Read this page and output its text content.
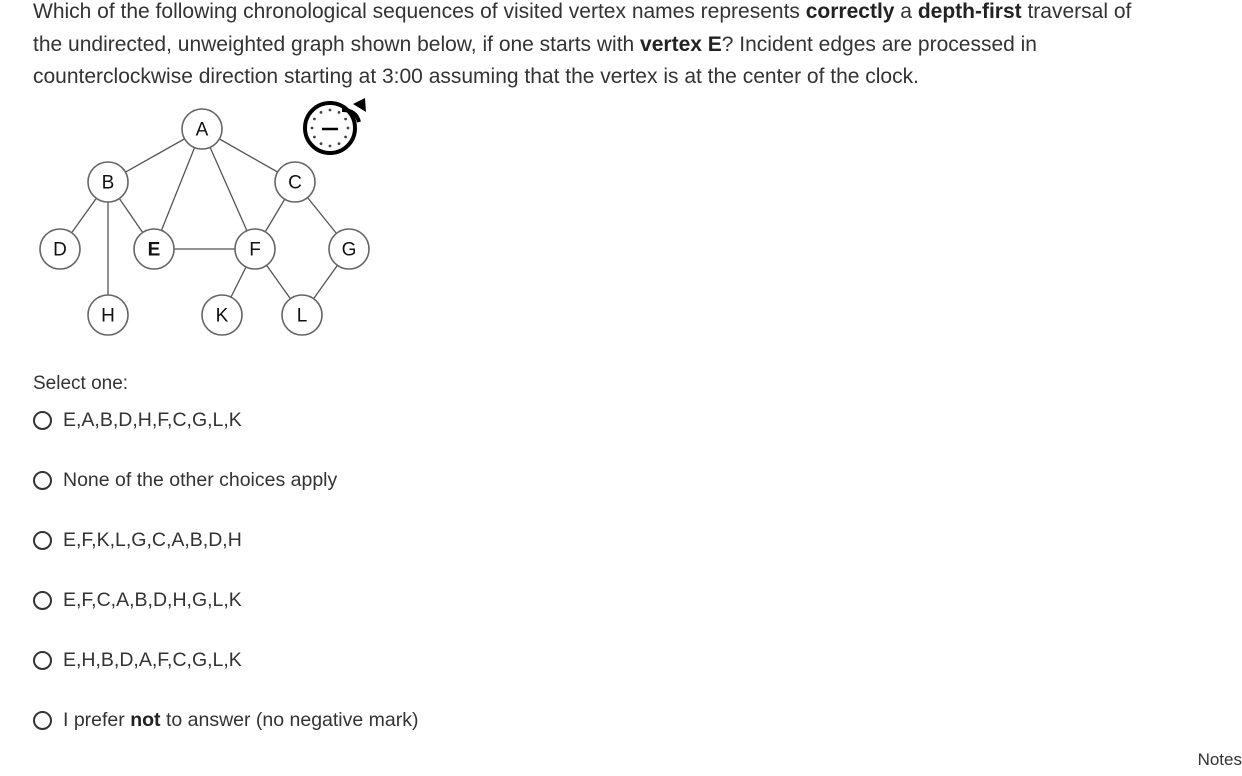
Which of the following chronological sequences of visited vertex names represents correctly a depth-first traversal of the undirected, unweighted graph shown below, if one starts with vertex E? Incident edges are processed in counterclockwise direction starting at 3:00 assuming that the vertex is at the center of the clock.

A
B	C
D	E	F	G
H	K	L
Select one:
E,A,B,D,H,F,C,G,L,K
None of the other choices apply
E,F,K,L,G,C,A,B,D,H
E,F,C,A,B,D,H,G,L,K
E,H,B,D,A,F,C,G,L,K
I prefer not to answer (no negative mark)
Notes
